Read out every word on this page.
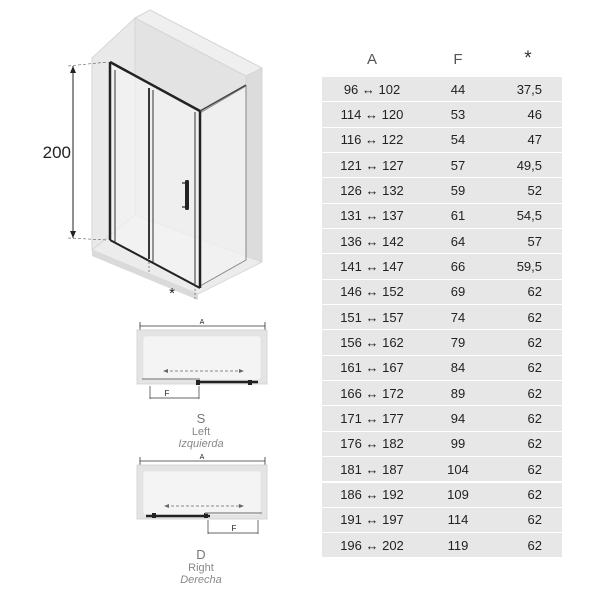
200
*
A
F
A
F
S
Left
Izquierda
D
Right
Derecha
A	F	*
96 ↔ 102	44	37,5
114 ↔ 120	53	46
116 ↔ 122	54	47
121 ↔ 127	57	49,5
126 ↔ 132	59	52
131 ↔ 137	61	54,5
136 ↔ 142	64	57
141 ↔ 147	66	59,5
146 ↔ 152	69	62
151 ↔ 157	74	62
156 ↔ 162	79	62
161 ↔ 167	84	62
166 ↔ 172	89	62
171 ↔ 177	94	62
176 ↔ 182	99	62
181 ↔ 187	104	62
186 ↔ 192	109	62
191 ↔ 197	114	62
196 ↔ 202	119	62
